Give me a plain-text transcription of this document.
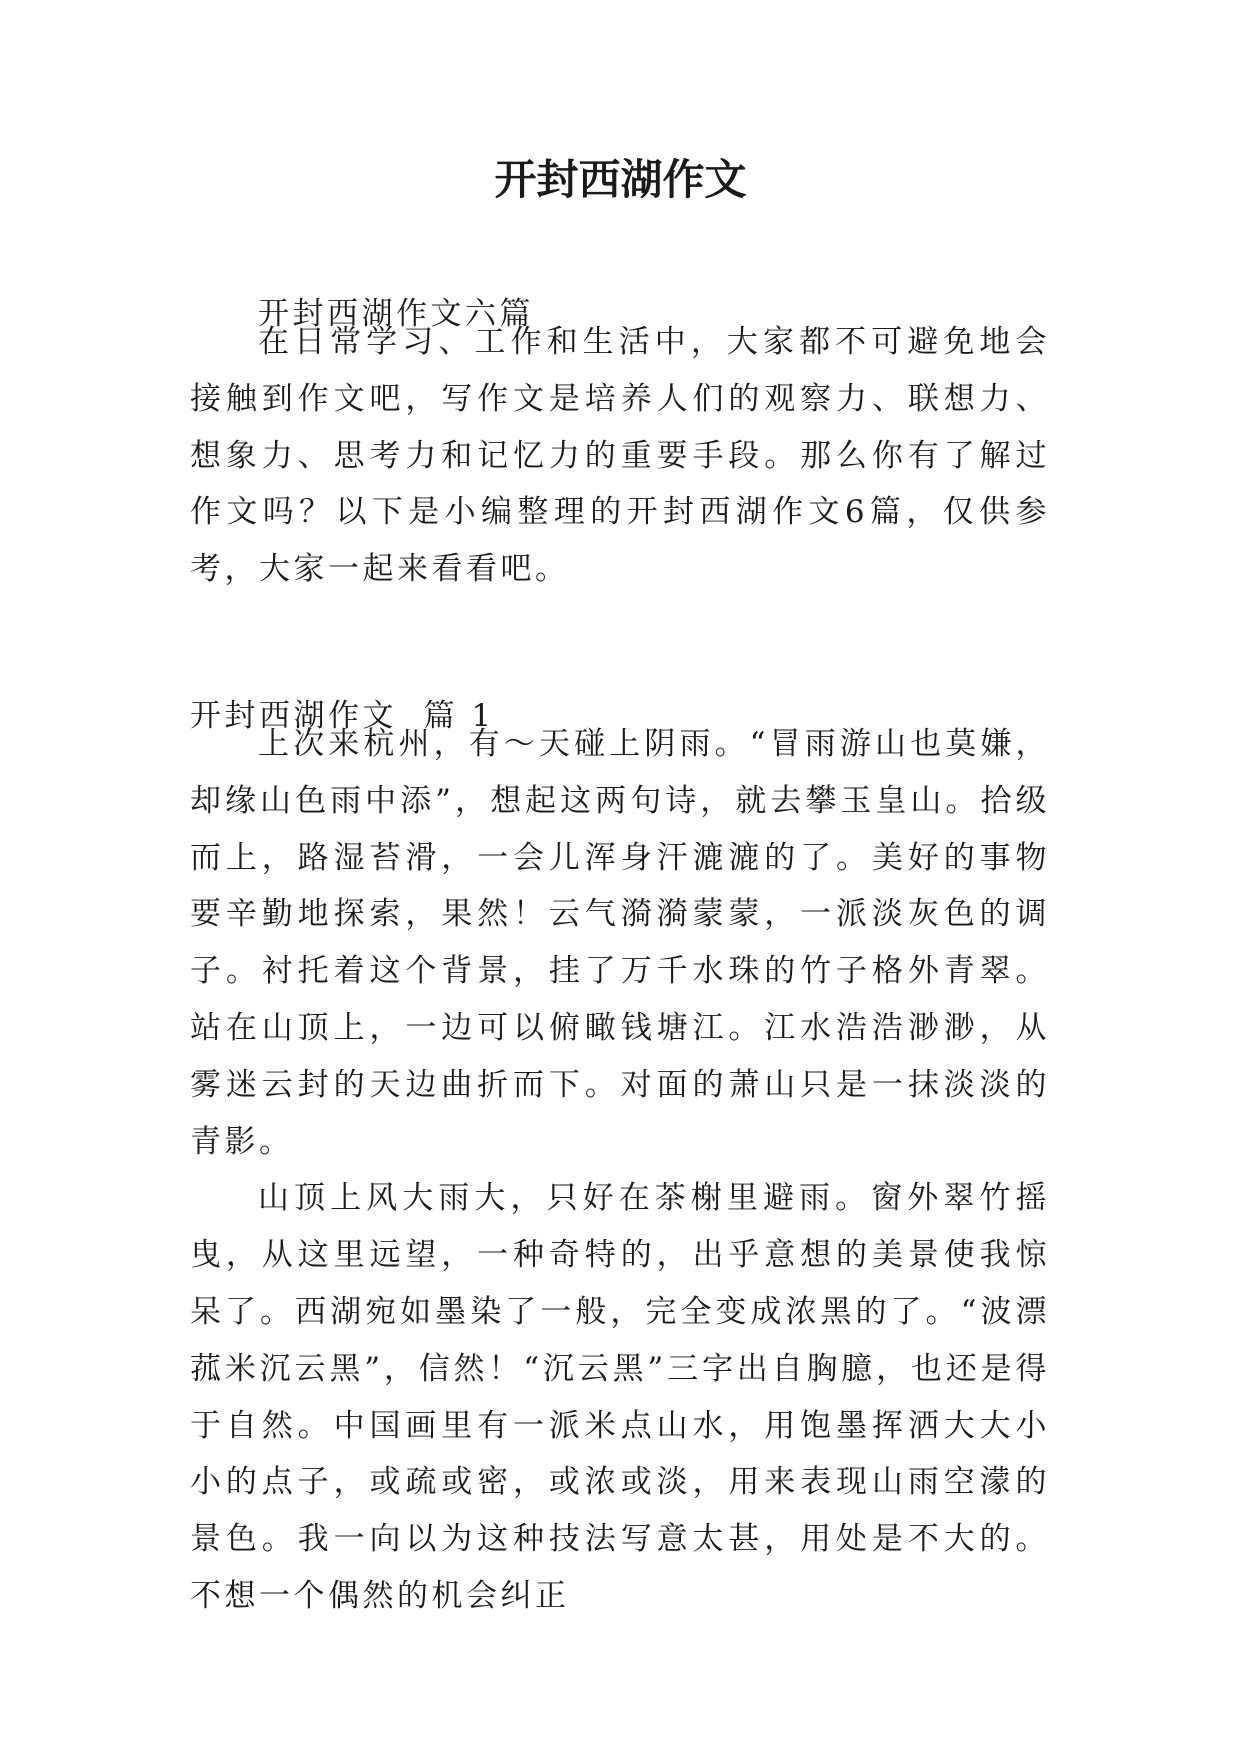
开封西湖作文
开封西湖作文六篇

在日常学习、工作和生活中，大家都不可避免地会接触到作文吧，写作文是培养人们的观察力、联想力、想象力、思考力和记忆力的重要手段。那么你有了解过作文吗？以下是小编整理的开封西湖作文6篇，仅供参考，大家一起来看看吧。

开封西湖作文  篇 1

上次来杭州，有～天碰上阴雨。“冒雨游山也莫嫌，却缘山色雨中添”，想起这两句诗，就去攀玉皇山。拾级而上，路湿苔滑，一会儿浑身汗漉漉的了。美好的事物要辛勤地探索，果然！云气漪漪蒙蒙，一派淡灰色的调子。衬托着这个背景，挂了万千水珠的竹子格外青翠。站在山顶上，一边可以俯瞰钱塘江。江水浩浩渺渺，从雾迷云封的天边曲折而下。对面的萧山只是一抹淡淡的青影。

山顶上风大雨大，只好在茶榭里避雨。窗外翠竹摇曳，从这里远望，一种奇特的，出乎意想的美景使我惊呆了。西湖宛如墨染了一般，完全变成浓黑的了。“波漂菰米沉云黑”，信然！“沉云黑”三字出自胸臆，也还是得于自然。中国画里有一派米点山水，用饱墨挥洒大大小小的点子，或疏或密，或浓或淡，用来表现山雨空濛的景色。我一向以为这种技法写意太甚，用处是不大的。不想一个偶然的机会纠正
